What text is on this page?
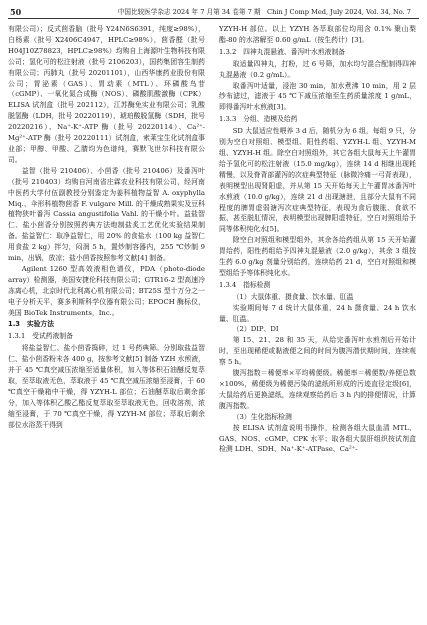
50	中国比较医学杂志 2024 年 7 月第 34 卷第 7 期　Chin J Comp Med, July 2024, Vol. 34, No. 7

有限公司）；反式茴香脑（批号 Y24N6S6391，纯度≥98%），白杨素（批号 X2406C4947，HPLC≥98%），茴香醛（批号 H04J10Z78823，HPLC≥98%）均购自上海源叶生物科技有限公司；氢化可的松注射液（批号 2106203），国药集团容生制药有限公司；丙肺丸（批号 20201101），山西华康药业股份有限公司；胃泌素（GAS）、胃动素（MTL）、环磷酸鸟苷（cGMP）、一氧化氮合成酶（NOS）、磷酸肌酸激酶（CPK）ELISA 试剂盒（批号 202112），江苏酶免实业有限公司；乳酸脱氢酶（LDH，批号 20220119）、琥珀酸脱氢酶（SDH，批号 20220216）、Na⁺-K⁺-ATP 酶（批号 20220114）、Ca²⁺-Mg²⁺-ATP 酶（批号 20220111）试剂盒，索莱宝生化试剂盒事业部；甲醇、甲酸、乙腈均为色谱纯，赛默飞世尔科技有限公司。

益智（批号 210406）、小茴香（批号 210406）及番泻叶（批号 210403）均购自河南省庄霖农业科技有限公司，经河南中医药大学付伍副教授分别鉴定为姜科植物益智 A. oxyphylla Miq.、伞形科植物茴香 F. vulgare Mill. 的干燥成熟果实及豆科植物狭叶番泻 Cassia angustifolia Vahl. 的干燥小叶。益盐智仁、盐小茴香分别按照药典方法炮制盐炙工艺优化实验结果制备。盐益智仁：取净益智仁，用 20% 的食盐水（100 kg 益智仁用食盐 2 kg）拌匀，闷润 5 h，置炒制容器内，255 ℃炒制 9 min，出锅，放凉；盐小茴香按照参考文献[4] 制备。

Agilent 1260 型高效液相色谱仪，PDA（photo-diode array）检测器，美国安捷伦科技有限公司；GTR16-2 型高速冷冻离心机，北京时代北利离心机有限公司；BT25S 型十万分之一电子分析天平，赛多利斯科学仪器有限公司；EPOCH 酶标仪，美国 BioTek Instruments，Inc.。

1.3　实验方法
1.3.1　受试药液制备

将盐益智仁、盐小茴香捣碎，过 1 号药典筛。分别取盐益智仁、盐小茴香粉末各 400 g，按参考文献[5] 制备 YZH 水煎液，并于 45 ℃真空减压浓缩至适量体积，加入等体积石油醚反复萃取，至萃取液无色，萃取液于 45 ℃真空减压浓缩至浸膏，于 60 ℃真空干燥箱中干燥，得 YZYH-L 部位；石油醚萃取后剩余部分，加入等体积乙酸乙酯反复萃取至萃取液无色，回收溶剂，浓缩至浸膏，于 70 ℃真空干燥，得 YZYH-M 部位；萃取后剩余部位水浴蒸干得到

YZYH-H 部位。以上 YZYH 各萃取部位均用含 0.1% 聚山梨酯-80 的水溶解至 0.60 g/mL（按生药计）[3]。

1.3.2　四神丸混悬液、番泻叶水煎液制备

取适量四神丸，打粉，过 6 号筛，加水均匀混合配制得四神丸混悬液（0.2 g/mL）。

取番泻叶适量，浸泡 30 min，加水煮沸 10 min，用 2 层纱布滤过，滤液于 45 ℃下减压浓缩至生药质量浓度 1 g/mL，即得番泻叶水煎液[3]。

1.3.3　分组、造模及给药

SD 大鼠适应性喂养 3 d 后，随机分为 6 组，每组 9 只，分别为空白对照组、模型组、阳性药组、YZYH-L 组、YZYH-M 组、YZYH-H 组。除空白对照组外，其它各组大鼠每天上午灌胃给予氢化可的松注射液（15.0 mg/kg），连续 14 d 相继出现耗精慢，以及脊背部灌泻的次症典型特征（脉微冷痛一弓背表现），表明模型出现肾阳虚，并从第 15 天开始每天上午灌胃冰番泻叶水煎液（10.0 g/kg），连续 21 d 出现溏泄，且部分大鼠有不同程度的脾胃虚弱溏泻次症典型特征，表现为食后腹胀、食欲不振，甚至脱肛情况，表明模型出现脾阳虚特征，空白对照组给予同等体积纯化水[5]。

除空白对照组和模型组外，其余各给药组从第 15 天开始灌胃给药，阳性药组给予四神丸混悬液（2.0 g/kg），其余 3 组按生药 6.0 g/kg 剂量分别给药，连续给药 21 d，空白对照组和模型组给予等体积纯化水。

1.3.4　指标检测

（1）大鼠体重、摄食量、饮水量、肛温

实验期间每 7 d 统计大鼠体重、24 h 摄食量、24 h 饮水量、肛温。

（2）DIP、DI

第 15、21、28 和 35 天，从给完番泻叶水煎剂后开始计时，至出现稀便或黏液便之间的时间为腹泻潜伏期时间，连续观察 5 h。

腹泻指数＝稀便率×平均稀便级。稀便率＝稀便数/养便总数×100%，稀便级为稀便污染的滤纸所形成的污迹直径定级[6]，大鼠给药后更换滤纸，连续观察给药后 3 h 内的排便情况，计算腹泻指数。

（3）生化指标检测

按 ELISA 试剂盒说明书操作，检测各组大鼠血清 MTL、GAS、NOS、cGMP、CPK 水平；取各组大鼠肝组织按试剂盒检测 LDH、SDH、Na⁺-K⁺-ATPase、Ca²⁺-
